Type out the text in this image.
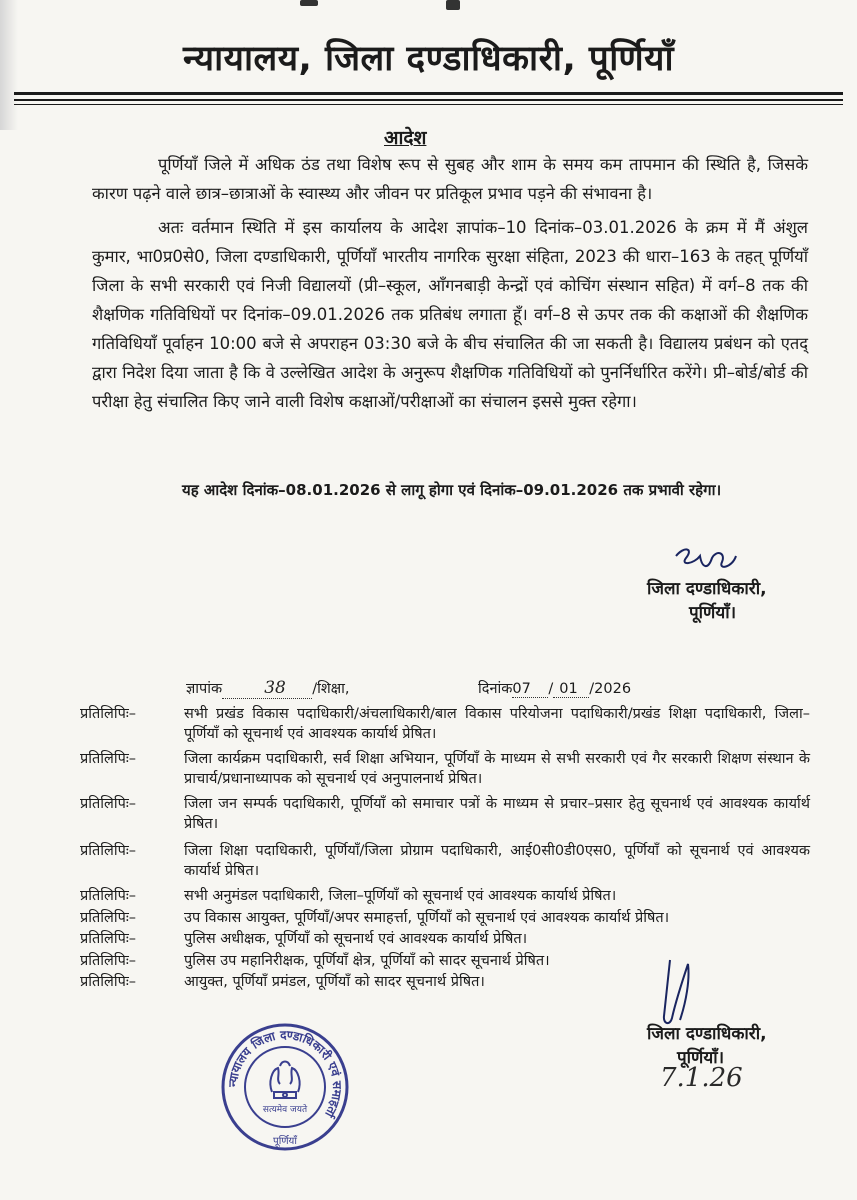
न्यायालय, जिला दण्डाधिकारी, पूर्णियाँ
आदेश
पूर्णियाँ जिले में अधिक ठंड तथा विशेष रूप से सुबह और शाम के समय कम तापमान की स्थिति है, जिसके कारण पढ़ने वाले छात्र–छात्राओं के स्वास्थ्य और जीवन पर प्रतिकूल प्रभाव पड़ने की संभावना है।
अतः वर्तमान स्थिति में इस कार्यालय के आदेश ज्ञापांक–10 दिनांक–03.01.2026 के क्रम में मैं अंशुल कुमार, भा0प्र0से0, जिला दण्डाधिकारी, पूर्णियाँ भारतीय नागरिक सुरक्षा संहिता, 2023 की धारा–163 के तहत् पूर्णियाँ जिला के सभी सरकारी एवं निजी विद्यालयों (प्री–स्कूल, आँगनबाड़ी केन्द्रों एवं कोचिंग संस्थान सहित) में वर्ग–8 तक की शैक्षणिक गतिविधियों पर दिनांक–09.01.2026 तक प्रतिबंध लगाता हूँ। वर्ग–8 से ऊपर तक की कक्षाओं की शैक्षणिक गतिविधियाँ पूर्वाहन 10:00 बजे से अपराहन 03:30 बजे के बीच संचालित की जा सकती है। विद्यालय प्रबंधन को एतद् द्वारा निदेश दिया जाता है कि वे उल्लेखित आदेश के अनुरूप शैक्षणिक गतिविधियों को पुनर्निर्धारित करेंगे। प्री–बोर्ड/बोर्ड की परीक्षा हेतु संचालित किए जाने वाली विशेष कक्षाओं/परीक्षाओं का संचालन इससे मुक्त रहेगा।
यह आदेश दिनांक–08.01.2026 से लागू होगा एवं दिनांक–09.01.2026 तक प्रभावी रहेगा।
जिला दण्डाधिकारी,
पूर्णियाँ।
ज्ञापांक 38 /शिक्षा,	दिनांक07 / 01 /2026
प्रतिलिपिः–	सभी प्रखंड विकास पदाधिकारी/अंचलाधिकारी/बाल विकास परियोजना पदाधिकारी/प्रखंड शिक्षा पदाधिकारी, जिला–पूर्णियाँ को सूचनार्थ एवं आवश्यक कार्यार्थ प्रेषित।
प्रतिलिपिः–	जिला कार्यक्रम पदाधिकारी, सर्व शिक्षा अभियान, पूर्णियाँ के माध्यम से सभी सरकारी एवं गैर सरकारी शिक्षण संस्थान के प्राचार्य/प्रधानाध्यापक को सूचनार्थ एवं अनुपालनार्थ प्रेषित।
प्रतिलिपिः–	जिला जन सम्पर्क पदाधिकारी, पूर्णियाँ को समाचार पत्रों के माध्यम से प्रचार–प्रसार हेतु सूचनार्थ एवं आवश्यक कार्यार्थ प्रेषित।
प्रतिलिपिः–	जिला शिक्षा पदाधिकारी, पूर्णियाँ/जिला प्रोग्राम पदाधिकारी, आई0सी0डी0एस0, पूर्णियाँ को सूचनार्थ एवं आवश्यक कार्यार्थ प्रेषित।
प्रतिलिपिः–	सभी अनुमंडल पदाधिकारी, जिला–पूर्णियाँ को सूचनार्थ एवं आवश्यक कार्यार्थ प्रेषित।
प्रतिलिपिः–	उप विकास आयुक्त, पूर्णियाँ/अपर समाहर्त्ता, पूर्णियाँ को सूचनार्थ एवं आवश्यक कार्यार्थ प्रेषित।
प्रतिलिपिः–	पुलिस अधीक्षक, पूर्णियाँ को सूचनार्थ एवं आवश्यक कार्यार्थ प्रेषित।
प्रतिलिपिः–	पुलिस उप महानिरीक्षक, पूर्णियाँ क्षेत्र, पूर्णियाँ को सादर सूचनार्थ प्रेषित।
प्रतिलिपिः–	आयुक्त, पूर्णियाँ प्रमंडल, पूर्णियाँ को सादर सूचनार्थ प्रेषित।
न्यायालय जिला दण्डाधिकारी एवं समाहर्ता
सत्यमेव जयते
पूर्णियाँ
जिला दण्डाधिकारी,
पूर्णियाँ।
7.1.26
